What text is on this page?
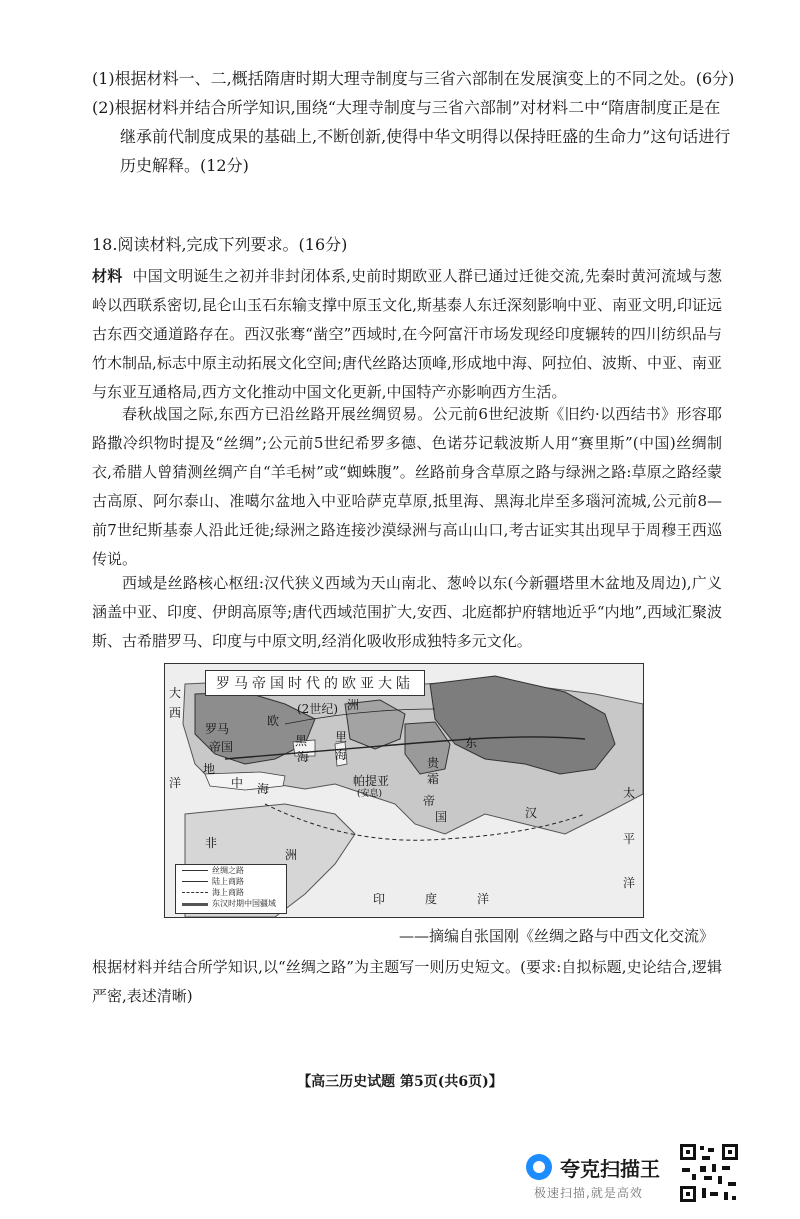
(1)根据材料一、二,概括隋唐时期大理寺制度与三省六部制在发展演变上的不同之处。(6分)
(2)根据材料并结合所学知识,围绕“大理寺制度与三省六部制”对材料二中“隋唐制度正是在
继承前代制度成果的基础上,不断创新,使得中华文明得以保持旺盛的生命力”这句话进行
历史解释。(12分)
18.阅读材料,完成下列要求。(16分)
材料 中国文明诞生之初并非封闭体系,史前时期欧亚人群已通过迁徙交流,先秦时黄河流域与葱岭以西联系密切,昆仑山玉石东输支撑中原玉文化,斯基泰人东迁深刻影响中亚、南亚文明,印证远古东西交通道路存在。西汉张骞“凿空”西域时,在今阿富汗市场发现经印度辗转的四川纺织品与竹木制品,标志中原主动拓展文化空间;唐代丝路达顶峰,形成地中海、阿拉伯、波斯、中亚、南亚与东亚互通格局,西方文化推动中国文化更新,中国特产亦影响西方生活。
春秋战国之际,东西方已沿丝路开展丝绸贸易。公元前6世纪波斯《旧约·以西结书》形容耶路撒冷织物时提及“丝绸”;公元前5世纪希罗多德、色诺芬记载波斯人用“赛里斯”(中国)丝绸制衣,希腊人曾猜测丝绸产自“羊毛树”或“蜘蛛腹”。丝路前身含草原之路与绿洲之路:草原之路经蒙古高原、阿尔泰山、准噶尔盆地入中亚哈萨克草原,抵里海、黑海北岸至多瑙河流城,公元前8—前7世纪斯基泰人沿此迁徙;绿洲之路连接沙漠绿洲与高山山口,考古证实其出现早于周穆王西巡传说。
西域是丝路核心枢纽:汉代狭义西域为天山南北、葱岭以东(今新疆塔里木盆地及周边),广义涵盖中亚、印度、伊朗高原等;唐代西域范围扩大,安西、北庭都护府辖地近乎“内地”,西域汇聚波斯、古希腊罗马、印度与中原文明,经消化吸收形成独特多元文化。
罗马帝国时代的欧亚大陆
(2世纪)
大
西
洋
欧
洲
罗马
帝国
地
中 海
黑
海
里
海
贵
霜
帝
国
帕提亚
(安息)
东
汉
太
平
洋
印	度	洋
非
洲
丝绸之路
陆上商路
海上商路
东汉时期中国疆域
——摘编自张国刚《丝绸之路与中西文化交流》
根据材料并结合所学知识,以“丝绸之路”为主题写一则历史短文。(要求:自拟标题,史论结合,逻辑严密,表述清晰)
【高三历史试题 第5页(共6页)】
夸克扫描王
极速扫描,就是高效
